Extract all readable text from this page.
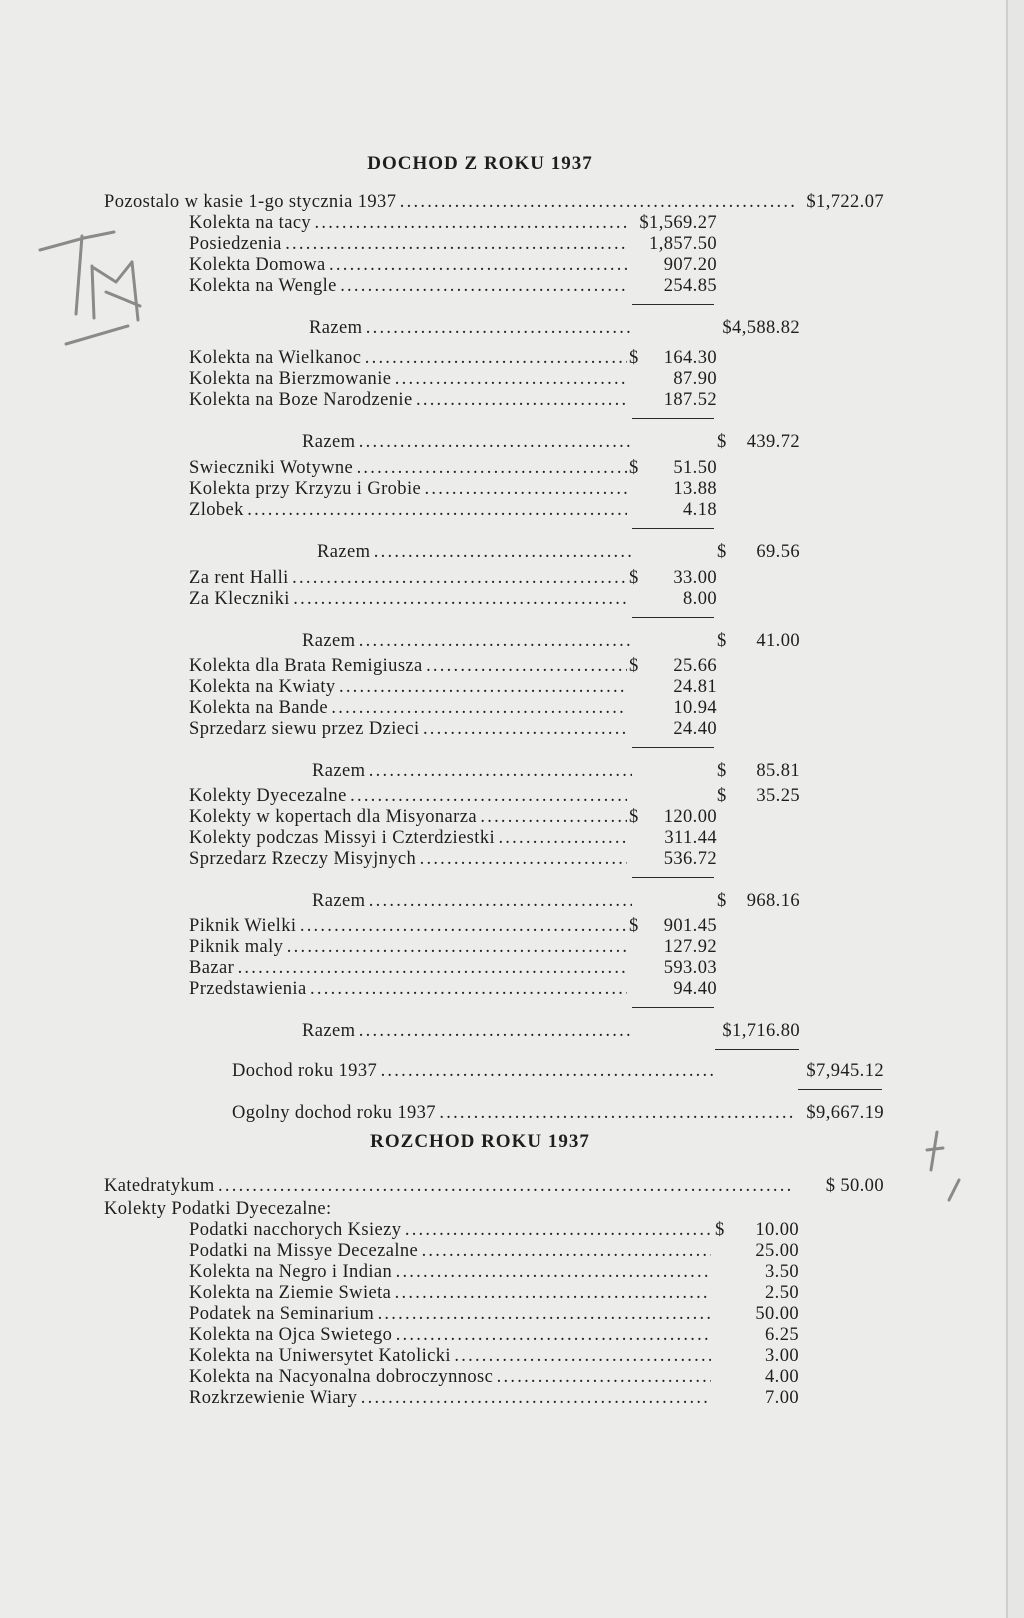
DOCHOD Z ROKU 1937
Pozostalo w kasie 1-go stycznia 1937 . . .	$1,722.07
Kolekta na tacy . . .	$1,569.27
Posiedzenia . . .	1,857.50
Kolekta Domowa . . .	907.20
Kolekta na Wengle . . .	254.85
Razem . . .	$4,588.82
Kolekta na Wielkanoc . . .	$	164.30
Kolekta na Bierzmowanie . . .	87.90
Kolekta na Boze Narodzenie . . .	187.52
Razem . . .	$	439.72
Swieczniki Wotywne . . .	$	51.50
Kolekta przy Krzyzu i Grobie . . .	13.88
Zlobek . . .	4.18
Razem . . .	$	69.56
Za rent Halli . . .	$	33.00
Za Kleczniki . . .	8.00
Razem . . .	$	41.00
Kolekta dla Brata Remigiusza . . .	$	25.66
Kolekta na Kwiaty . . .	24.81
Kolekta na Bande . . .	10.94
Sprzedarz siewu przez Dzieci . . .	24.40
Razem . . .	$	85.81
Kolekty Dyecezalne . . .	$	35.25
Kolekty w kopertach dla Misyonarza . . .	$	120.00
Kolekty podczas Missyi i Czterdziestki . . .	311.44
Sprzedarz Rzeczy Misyjnych . . .	536.72
Razem . . .	$	968.16
Piknik Wielki . . .	$	901.45
Piknik maly . . .	127.92
Bazar . . .	593.03
Przedstawienia . . .	94.40
Razem . . .	$1,716.80
Dochod roku 1937 . . .	$7,945.12
Ogolny dochod roku 1937 . . .	$9,667.19
ROZCHOD ROKU 1937
Katedratykum . . .	$ 50.00
Kolekty Podatki Dyecezalne:
Podatki nacchorych Ksiezy . . .	$	10.00
Podatki na Missye Decezalne . . .	25.00
Kolekta na Negro i Indian . . .	3.50
Kolekta na Ziemie Swieta . . .	2.50
Podatek na Seminarium . . .	50.00
Kolekta na Ojca Swietego . . .	6.25
Kolekta na Uniwersytet Katolicki . . .	3.00
Kolekta na Nacyonalna dobroczynnosc . . .	4.00
Rozkrzewienie Wiary . . .	7.00
